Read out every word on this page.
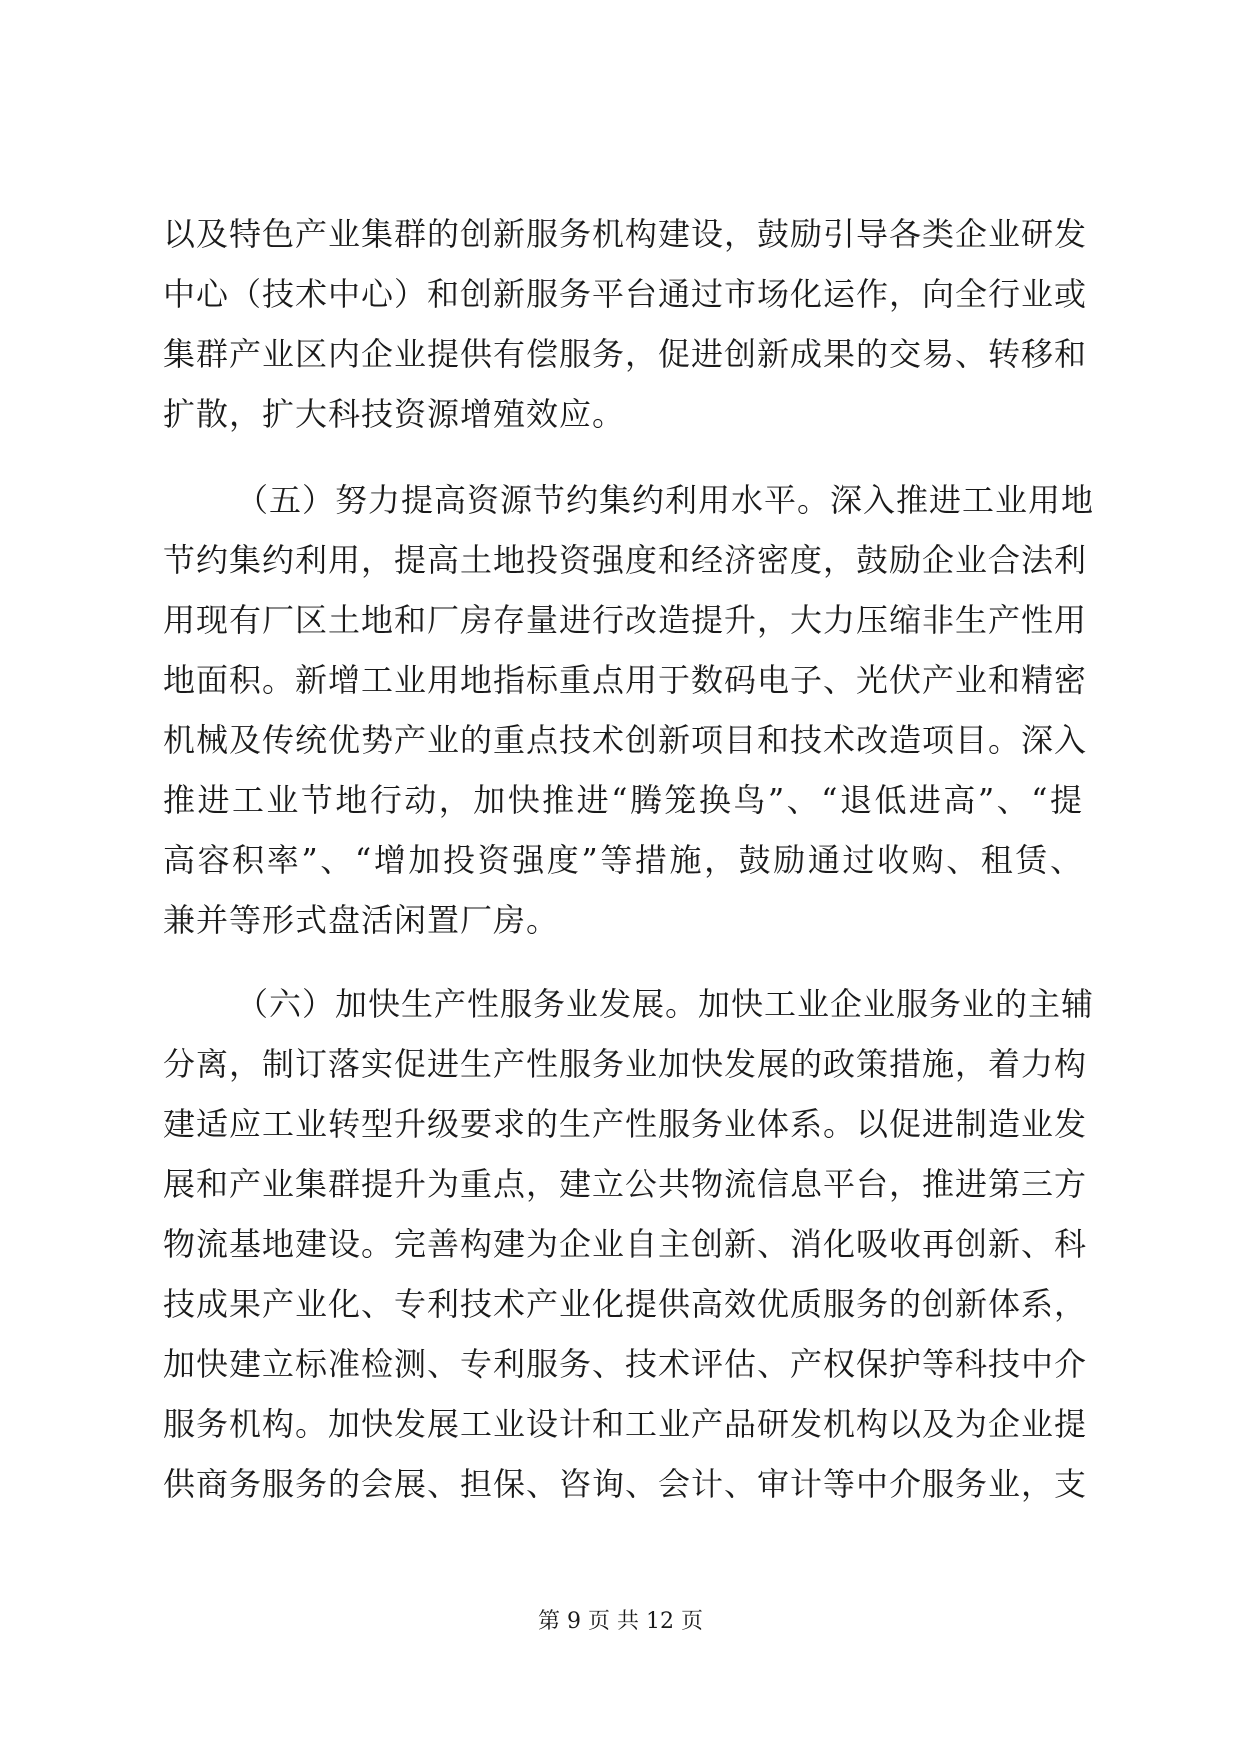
以及特色产业集群的创新服务机构建设，鼓励引导各类企业研发
中心（技术中心）和创新服务平台通过市场化运作，向全行业或
集群产业区内企业提供有偿服务，促进创新成果的交易、转移和
扩散，扩大科技资源增殖效应。
（五）努力提高资源节约集约利用水平。深入推进工业用地
节约集约利用，提高土地投资强度和经济密度，鼓励企业合法利
用现有厂区土地和厂房存量进行改造提升，大力压缩非生产性用
地面积。新增工业用地指标重点用于数码电子、光伏产业和精密
机械及传统优势产业的重点技术创新项目和技术改造项目。深入
推进工业节地行动，加快推进“腾笼换鸟”、“退低进高”、“提
高容积率”、“增加投资强度”等措施，鼓励通过收购、租赁、
兼并等形式盘活闲置厂房。
（六）加快生产性服务业发展。加快工业企业服务业的主辅
分离，制订落实促进生产性服务业加快发展的政策措施，着力构
建适应工业转型升级要求的生产性服务业体系。以促进制造业发
展和产业集群提升为重点，建立公共物流信息平台，推进第三方
物流基地建设。完善构建为企业自主创新、消化吸收再创新、科
技成果产业化、专利技术产业化提供高效优质服务的创新体系，
加快建立标准检测、专利服务、技术评估、产权保护等科技中介
服务机构。加快发展工业设计和工业产品研发机构以及为企业提
供商务服务的会展、担保、咨询、会计、审计等中介服务业，支
第 9 页 共 12 页
